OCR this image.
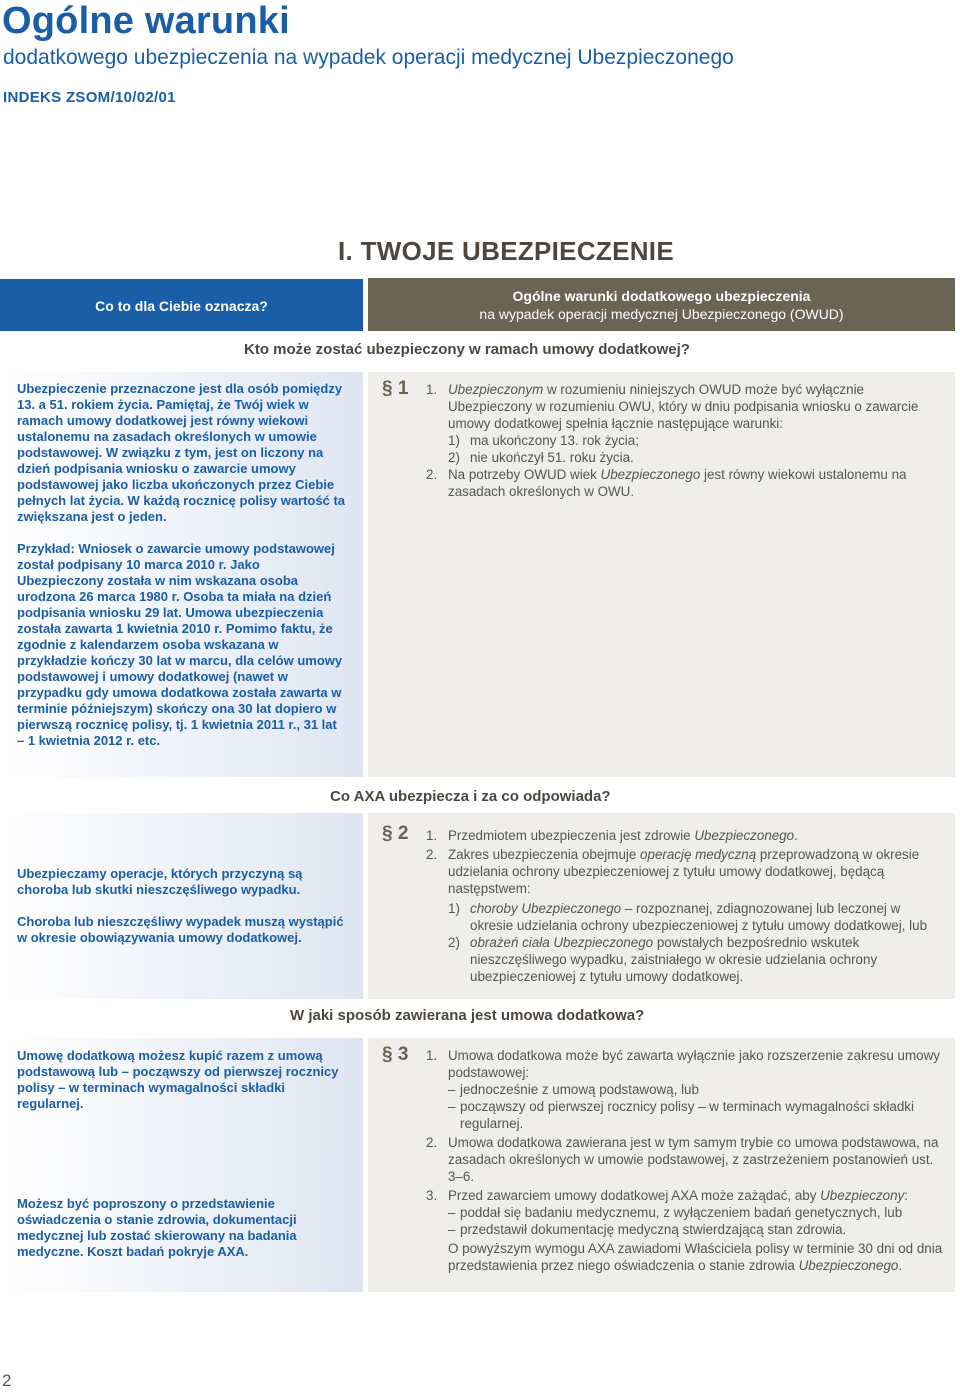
Ogólne warunki
dodatkowego ubezpieczenia na wypadek operacji medycznej Ubezpieczonego
INDEKS ZSOM/10/02/01
I. TWOJE UBEZPIECZENIE
Co to dla Ciebie oznacza?
Ogólne warunki dodatkowego ubezpieczenia
na wypadek operacji medycznej Ubezpieczonego (OWUD)
Kto może zostać ubezpieczony w ramach umowy dodatkowej?
Co AXA ubezpiecza i za co odpowiada?
W jaki sposób zawierana jest umowa dodatkowa?
Ubezpieczenie przeznaczone jest dla osób pomiędzy 13. a 51. rokiem życia. Pamiętaj, że Twój wiek w ramach umowy dodatkowej jest równy wiekowi ustalonemu na zasadach określonych w umowie podstawowej. W związku z tym, jest on liczony na dzień podpisania wniosku o zawarcie umowy podstawowej jako liczba ukończonych przez Ciebie pełnych lat życia. W każdą rocznicę polisy wartość ta zwiększana jest o jeden.
Przykład: Wniosek o zawarcie umowy podstawowej został podpisany 10 marca 2010 r. Jako Ubezpieczony została w nim wskazana osoba urodzona 26 marca 1980 r. Osoba ta miała na dzień podpisania wniosku 29 lat. Umowa ubezpieczenia została zawarta 1 kwietnia 2010 r. Pomimo faktu, że zgodnie z kalendarzem osoba wskazana w przykładzie kończy 30 lat w marcu, dla celów umowy podstawowej i umowy dodatkowej (nawet w przypadku gdy umowa dodatkowa została zawarta w terminie późniejszym) skończy ona 30 lat dopiero w pierwszą rocznicę polisy, tj. 1 kwietnia 2011 r., 31 lat – 1 kwietnia 2012 r. etc.
§ 1 1. Ubezpieczonym w rozumieniu niniejszych OWUD może być wyłącznie Ubezpieczony w rozumieniu OWU, który w dniu podpisania wniosku o zawarcie umowy dodatkowej spełnia łącznie następujące warunki:
1) ma ukończony 13. rok życia;
2) nie ukończył 51. roku życia.
2. Na potrzeby OWUD wiek Ubezpieczonego jest równy wiekowi ustalonemu na zasadach określonych w OWU.
Ubezpieczamy operacje, których przyczyną są choroba lub skutki nieszczęśliwego wypadku.
Choroba lub nieszczęśliwy wypadek muszą wystąpić w okresie obowiązywania umowy dodatkowej.
§ 2 1. Przedmiotem ubezpieczenia jest zdrowie Ubezpieczonego.
2. Zakres ubezpieczenia obejmuje operację medyczną przeprowadzoną w okresie udzielania ochrony ubezpieczeniowej z tytułu umowy dodatkowej, będącą następstwem:
1) choroby Ubezpieczonego – rozpoznanej, zdiagnozowanej lub leczonej w okresie udzielania ochrony ubezpieczeniowej z tytułu umowy dodatkowej, lub
2) obrażeń ciała Ubezpieczonego powstałych bezpośrednio wskutek nieszczęśliwego wypadku, zaistniałego w okresie udzielania ochrony ubezpieczeniowej z tytułu umowy dodatkowej.
Umowę dodatkową możesz kupić razem z umową podstawową lub – począwszy od pierwszej rocznicy polisy – w terminach wymagalności składki regularnej.
Możesz być poproszony o przedstawienie oświadczenia o stanie zdrowia, dokumentacji medycznej lub zostać skierowany na badania medyczne. Koszt badań pokryje AXA.
§ 3 1. Umowa dodatkowa może być zawarta wyłącznie jako rozszerzenie zakresu umowy podstawowej:
– jednocześnie z umową podstawową, lub
– począwszy od pierwszej rocznicy polisy – w terminach wymagalności składki regularnej.
2. Umowa dodatkowa zawierana jest w tym samym trybie co umowa podstawowa, na zasadach określonych w umowie podstawowej, z zastrzeżeniem postanowień ust. 3–6.
3. Przed zawarciem umowy dodatkowej AXA może zażądać, aby Ubezpieczony:
– poddał się badaniu medycznemu, z wyłączeniem badań genetycznych, lub
– przedstawił dokumentację medyczną stwierdzającą stan zdrowia.
O powyższym wymogu AXA zawiadomi Właściciela polisy w terminie 30 dni od dnia przedstawienia przez niego oświadczenia o stanie zdrowia Ubezpieczonego.
2
